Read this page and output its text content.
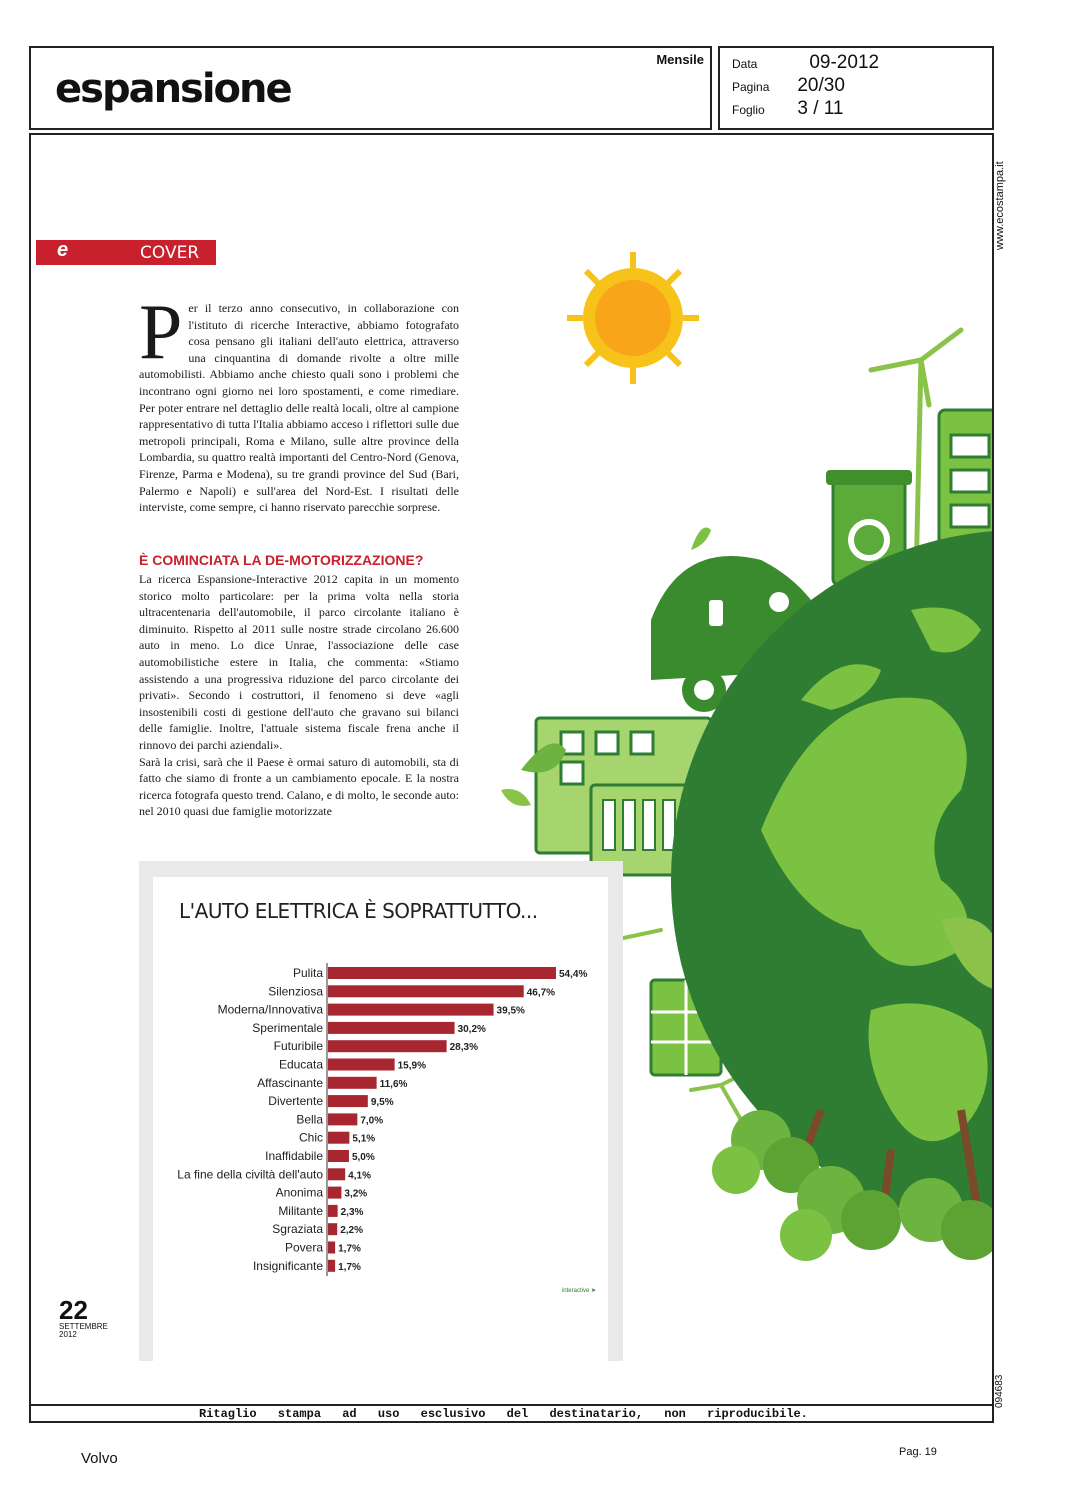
espansione
Mensile Data	09-2012
Pagina 20/30
Foglio 3 / 11
www.ecostampa.it
094683
e	COVER
Per il terzo anno consecutivo, in collaborazione con l'istituto di ricerche Interactive, abbiamo fotografato cosa pensano gli italiani dell'auto elettrica, attraverso una cinquantina di domande rivolte a oltre mille automobilisti. Abbiamo anche chiesto quali sono i problemi che incontrano ogni giorno nei loro spostamenti, e come rimediare. Per poter entrare nel dettaglio delle realtà locali, oltre al campione rappresentativo di tutta l'Italia abbiamo acceso i riflettori sulle due metropoli principali, Roma e Milano, sulle altre province della Lombardia, su quattro realtà importanti del Centro-Nord (Genova, Firenze, Parma e Modena), su tre grandi province del Sud (Bari, Palermo e Napoli) e sull'area del Nord-Est. I risultati delle interviste, come sempre, ci hanno riservato parecchie sorprese.
È COMINCIATA LA DE-MOTORIZZAZIONE?

La ricerca Espansione-Interactive 2012 capita in un momento storico molto particolare: per la prima volta nella storia ultracentenaria dell'automobile, il parco circolante italiano è diminuito. Rispetto al 2011 sulle nostre strade circolano 26.600 auto in meno. Lo dice Unrae, l'associazione delle case automobilistiche estere in Italia, che commenta: «Stiamo assistendo a una progressiva riduzione del parco circolante dei privati». Secondo i costruttori, il fenomeno si deve «agli insostenibili costi di gestione dell'auto che gravano sui bilanci delle famiglie. Inoltre, l'attuale sistema fiscale frena anche il rinnovo dei parchi aziendali».

Sarà la crisi, sarà che il Paese è ormai saturo di automobili, sta di fatto che siamo di fronte a un cambiamento epocale. E la nostra ricerca fotografa questo trend. Calano, e di molto, le seconde auto: nel 2010 quasi due famiglie motorizzate

L'AUTO ELETTRICA È SOPRATTUTTO...
Pulita	54,4%
Silenziosa	46,7%
Moderna/Innovativa	39,5%
Sperimentale	30,2%
Futuribile	28,3%
Educata	15,9%
Affascinante	11,6%
Divertente	9,5%
Bella	7,0%
Chic	5,1%
Inaffidabile	5,0%
La fine della civiltà dell'auto	4,1%
Anonima 3,2%
Militante 2,3%
Sgraziata 2,2%
Povera 1,7%
Insignificante 1,7%
interactive ➤
22
SETTEMBRE
2012
Ritaglio stampa ad uso esclusivo del destinatario, non riproducibile.
Volvo	Pag. 19
